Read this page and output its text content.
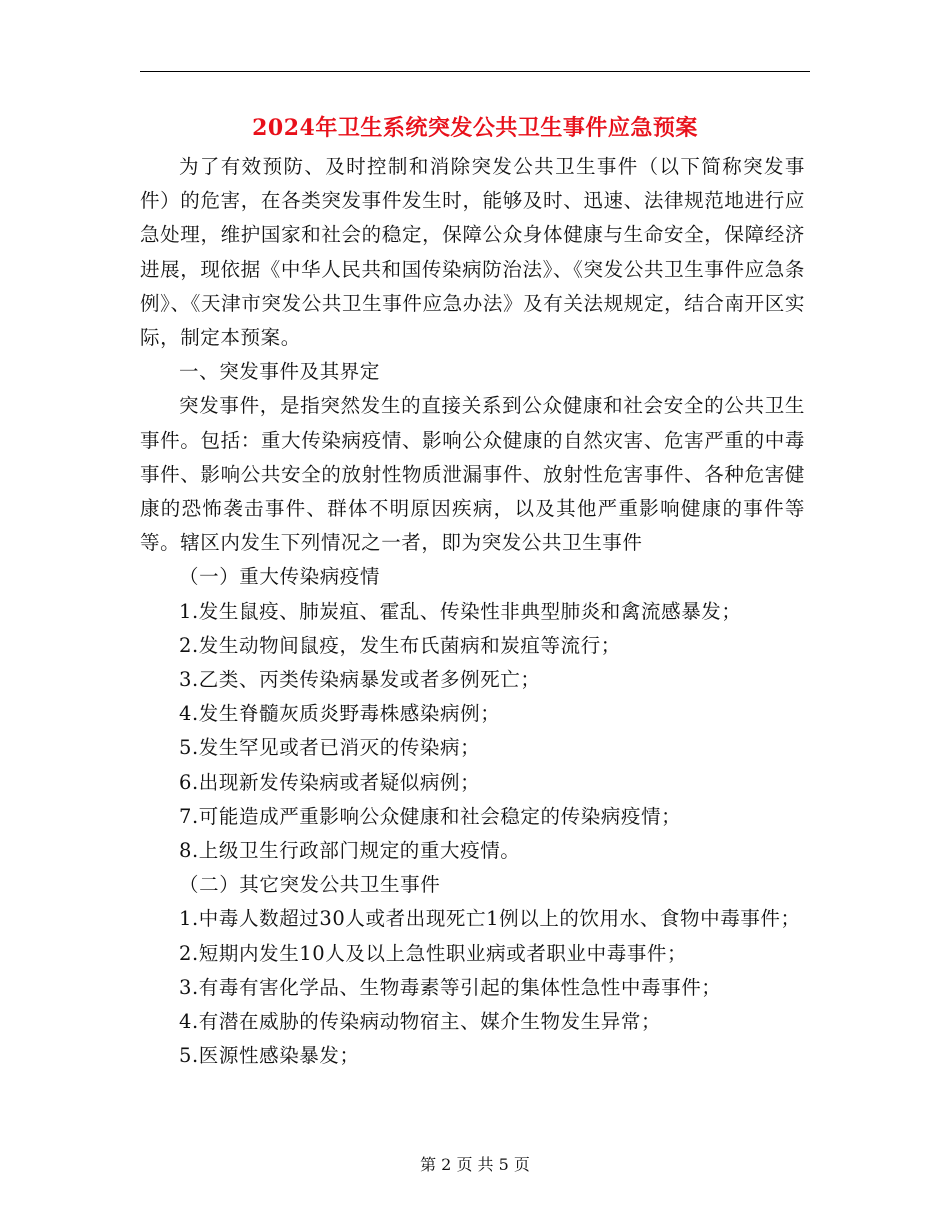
2024年卫生系统突发公共卫生事件应急预案

为了有效预防、及时控制和消除突发公共卫生事件（以下简称突发事件）的危害，在各类突发事件发生时，能够及时、迅速、法律规范地进行应急处理，维护国家和社会的稳定，保障公众身体健康与生命安全，保障经济进展，现依据《中华人民共和国传染病防治法》、《突发公共卫生事件应急条例》、《天津市突发公共卫生事件应急办法》及有关法规规定，结合南开区实际，制定本预案。

一、突发事件及其界定

突发事件，是指突然发生的直接关系到公众健康和社会安全的公共卫生事件。包括：重大传染病疫情、影响公众健康的自然灾害、危害严重的中毒事件、影响公共安全的放射性物质泄漏事件、放射性危害事件、各种危害健康的恐怖袭击事件、群体不明原因疾病，以及其他严重影响健康的事件等等。辖区内发生下列情况之一者，即为突发公共卫生事件

（一）重大传染病疫情

1.发生鼠疫、肺炭疽、霍乱、传染性非典型肺炎和禽流感暴发；

2.发生动物间鼠疫，发生布氏菌病和炭疽等流行；

3.乙类、丙类传染病暴发或者多例死亡；

4.发生脊髓灰质炎野毒株感染病例；

5.发生罕见或者已消灭的传染病；

6.出现新发传染病或者疑似病例；

7.可能造成严重影响公众健康和社会稳定的传染病疫情；

8.上级卫生行政部门规定的重大疫情。

（二）其它突发公共卫生事件

1.中毒人数超过30人或者出现死亡1例以上的饮用水、食物中毒事件；

2.短期内发生10人及以上急性职业病或者职业中毒事件；

3.有毒有害化学品、生物毒素等引起的集体性急性中毒事件；

4.有潜在威胁的传染病动物宿主、媒介生物发生异常；

5.医源性感染暴发；

第 2 页 共 5 页
